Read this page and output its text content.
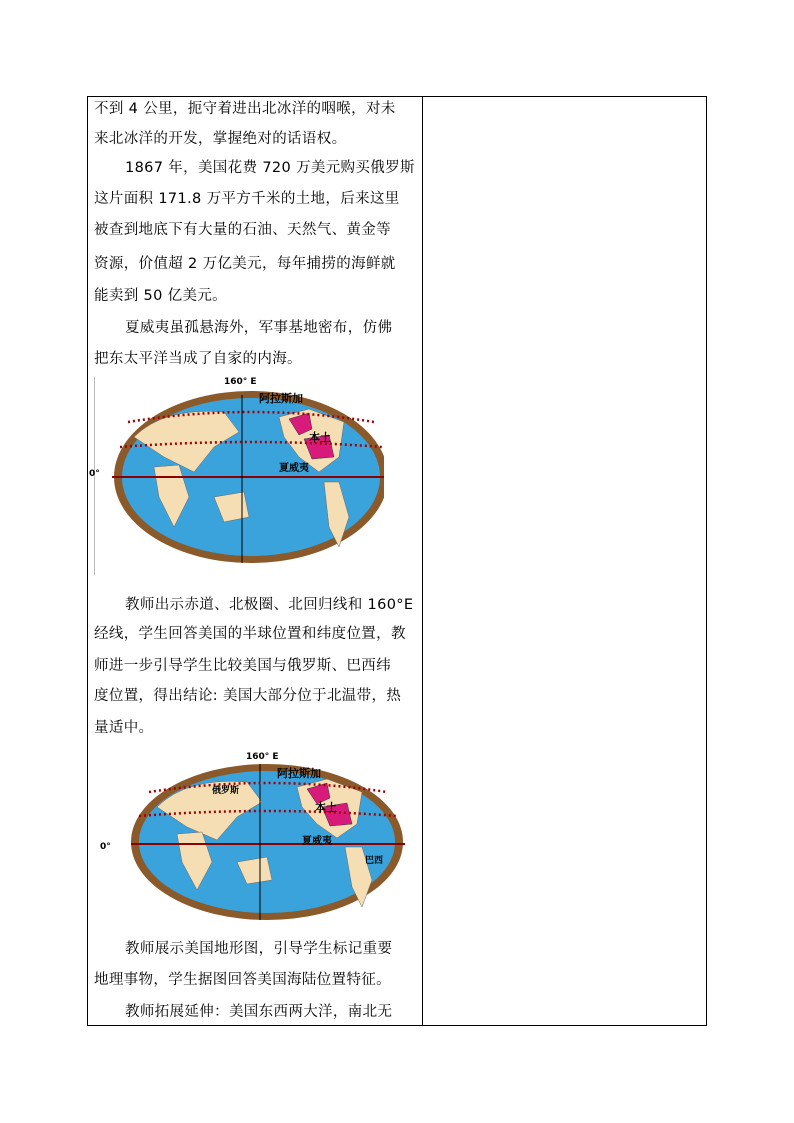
不到 4 公里，扼守着进出北冰洋的咽喉，对未
来北冰洋的开发，掌握绝对的话语权。
1867 年，美国花费 720 万美元购买俄罗斯
这片面积 171.8 万平方千米的土地，后来这里
被查到地底下有大量的石油、天然气、黄金等
资源，价值超 2 万亿美元，每年捕捞的海鲜就
能卖到 50 亿美元。
夏威夷虽孤悬海外，军事基地密布，仿佛
把东太平洋当成了自家的内海。
160° E
0°
阿拉斯加
本土
夏威夷
教师出示赤道、北极圈、北回归线和 160°E
经线，学生回答美国的半球位置和纬度位置，教
师进一步引导学生比较美国与俄罗斯、巴西纬
度位置，得出结论: 美国大部分位于北温带，热
量适中。
160° E
0°
阿拉斯加
本土
夏威夷
俄罗斯
巴西
教师展示美国地形图，引导学生标记重要
地理事物，学生据图回答美国海陆位置特征。
教师拓展延伸：美国东西两大洋，南北无
